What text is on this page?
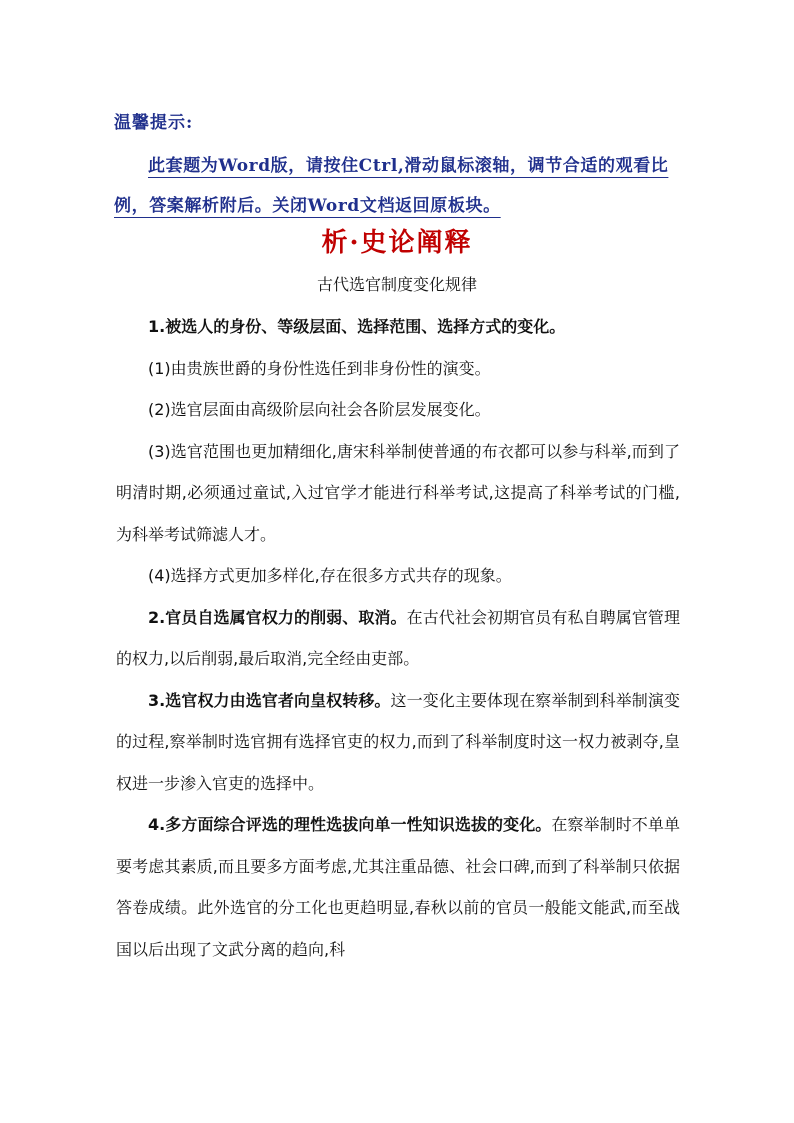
温馨提示:
此套题为Word版，请按住Ctrl,滑动鼠标滚轴，调节合适的观看比例，答案解析附后。关闭Word文档返回原板块。
析·史论阐释
古代选官制度变化规律

1.被选人的身份、等级层面、选择范围、选择方式的变化。

(1)由贵族世爵的身份性选任到非身份性的演变。

(2)选官层面由高级阶层向社会各阶层发展变化。

(3)选官范围也更加精细化,唐宋科举制使普通的布衣都可以参与科举,而到了明清时期,必须通过童试,入过官学才能进行科举考试,这提高了科举考试的门槛,为科举考试筛滤人才。

(4)选择方式更加多样化,存在很多方式共存的现象。

2.官员自选属官权力的削弱、取消。在古代社会初期官员有私自聘属官管理的权力,以后削弱,最后取消,完全经由吏部。

3.选官权力由选官者向皇权转移。这一变化主要体现在察举制到科举制演变的过程,察举制时选官拥有选择官吏的权力,而到了科举制度时这一权力被剥夺,皇权进一步渗入官吏的选择中。

4.多方面综合评选的理性选拔向单一性知识选拔的变化。在察举制时不单单要考虑其素质,而且要多方面考虑,尤其注重品德、社会口碑,而到了科举制只依据答卷成绩。此外选官的分工化也更趋明显,春秋以前的官员一般能文能武,而至战国以后出现了文武分离的趋向,科
